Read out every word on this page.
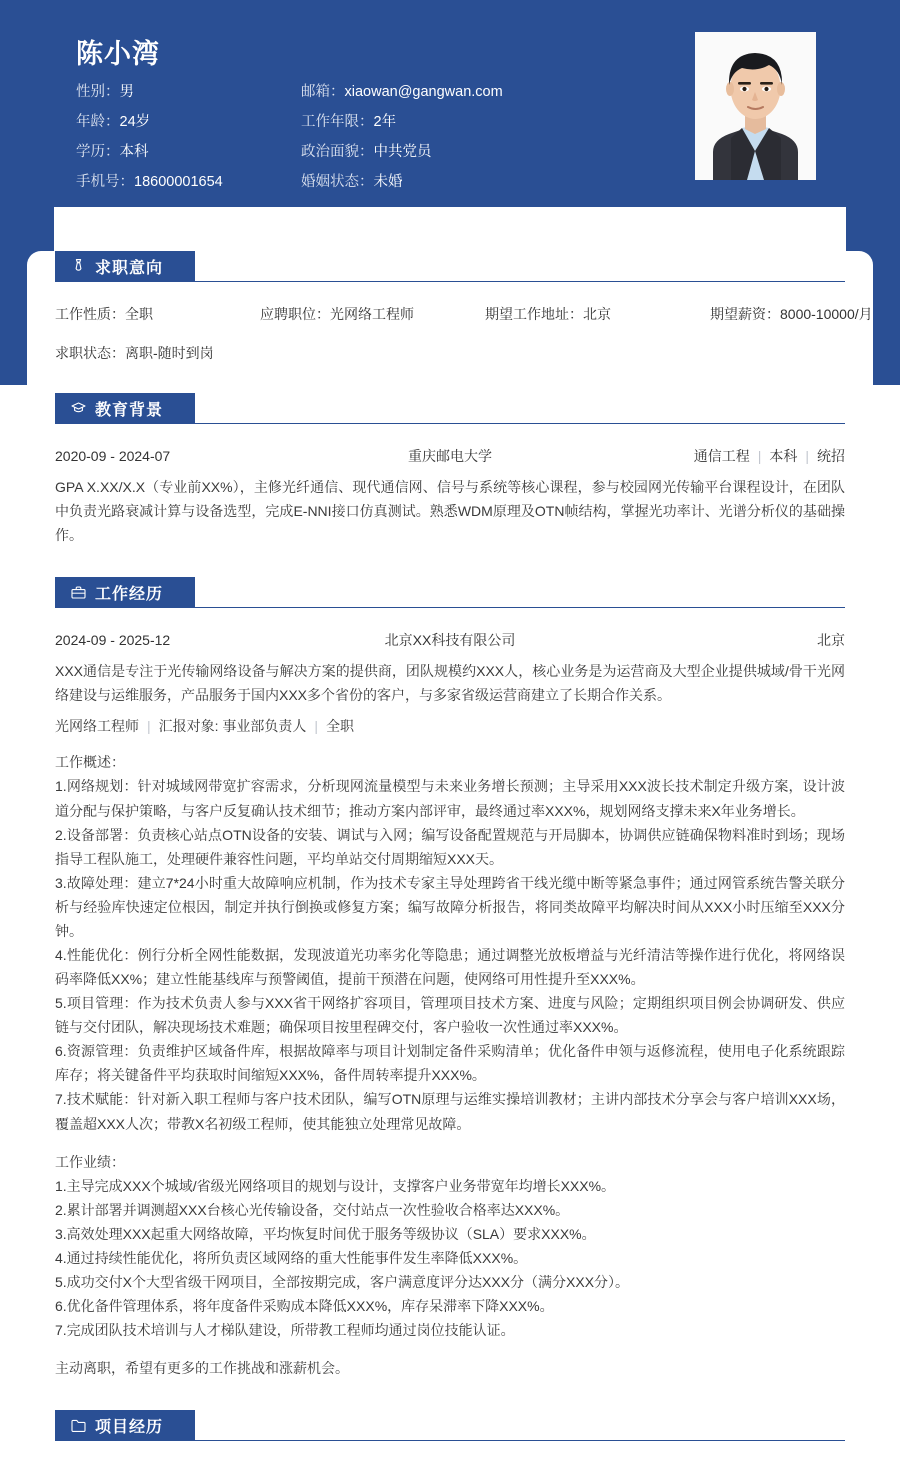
陈小湾
性别：男	邮箱：xiaowan@gangwan.com
年龄：24岁	工作年限：2年
学历：本科	政治面貌：中共党员
手机号：18600001654	婚姻状态：未婚
求职意向
工作性质：全职	应聘职位：光网络工程师	期望工作地址：北京	期望薪资：8000-10000/月
求职状态：离职-随时到岗
教育背景
2020-09 - 2024-07	重庆邮电大学	通信工程 | 本科 | 统招
GPA X.XX/X.X（专业前XX%），主修光纤通信、现代通信网、信号与系统等核心课程，参与校园网光传输平台课程设计，在团队中负责光路衰减计算与设备选型，完成E-NNI接口仿真测试。熟悉WDM原理及OTN帧结构，掌握光功率计、光谱分析仪的基础操作。
工作经历
2024-09 - 2025-12	北京XX科技有限公司	北京
XXX通信是专注于光传输网络设备与解决方案的提供商，团队规模约XXX人，核心业务是为运营商及大型企业提供城域/骨干光网络建设与运维服务，产品服务于国内XXX多个省份的客户，与多家省级运营商建立了长期合作关系。
光网络工程师 | 汇报对象: 事业部负责人 | 全职
工作概述：
1.网络规划：针对城域网带宽扩容需求，分析现网流量模型与未来业务增长预测；主导采用XXX波长技术制定升级方案，设计波道分配与保护策略，与客户反复确认技术细节；推动方案内部评审，最终通过率XXX%，规划网络支撑未来X年业务增长。
2.设备部署：负责核心站点OTN设备的安装、调试与入网；编写设备配置规范与开局脚本，协调供应链确保物料准时到场；现场指导工程队施工，处理硬件兼容性问题，平均单站交付周期缩短XXX天。
3.故障处理：建立7*24小时重大故障响应机制，作为技术专家主导处理跨省干线光缆中断等紧急事件；通过网管系统告警关联分析与经验库快速定位根因，制定并执行倒换或修复方案；编写故障分析报告，将同类故障平均解决时间从XXX小时压缩至XXX分钟。
4.性能优化：例行分析全网性能数据，发现波道光功率劣化等隐患；通过调整光放板增益与光纤清洁等操作进行优化，将网络误码率降低XX%；建立性能基线库与预警阈值，提前干预潜在问题，使网络可用性提升至XXX%。
5.项目管理：作为技术负责人参与XXX省干网络扩容项目，管理项目技术方案、进度与风险；定期组织项目例会协调研发、供应链与交付团队，解决现场技术难题；确保项目按里程碑交付，客户验收一次性通过率XXX%。
6.资源管理：负责维护区域备件库，根据故障率与项目计划制定备件采购清单；优化备件申领与返修流程，使用电子化系统跟踪库存；将关键备件平均获取时间缩短XXX%，备件周转率提升XXX%。
7.技术赋能：针对新入职工程师与客户技术团队，编写OTN原理与运维实操培训教材；主讲内部技术分享会与客户培训XXX场，覆盖超XXX人次；带教X名初级工程师，使其能独立处理常见故障。
工作业绩：
1.主导完成XXX个城域/省级光网络项目的规划与设计，支撑客户业务带宽年均增长XXX%。
2.累计部署并调测超XXX台核心光传输设备，交付站点一次性验收合格率达XXX%。
3.高效处理XXX起重大网络故障，平均恢复时间优于服务等级协议（SLA）要求XXX%。
4.通过持续性能优化，将所负责区域网络的重大性能事件发生率降低XXX%。
5.成功交付X个大型省级干网项目，全部按期完成，客户满意度评分达XXX分（满分XXX分）。
6.优化备件管理体系，将年度备件采购成本降低XXX%，库存呆滞率下降XXX%。
7.完成团队技术培训与人才梯队建设，所带教工程师均通过岗位技能认证。
主动离职，希望有更多的工作挑战和涨薪机会。
项目经历
